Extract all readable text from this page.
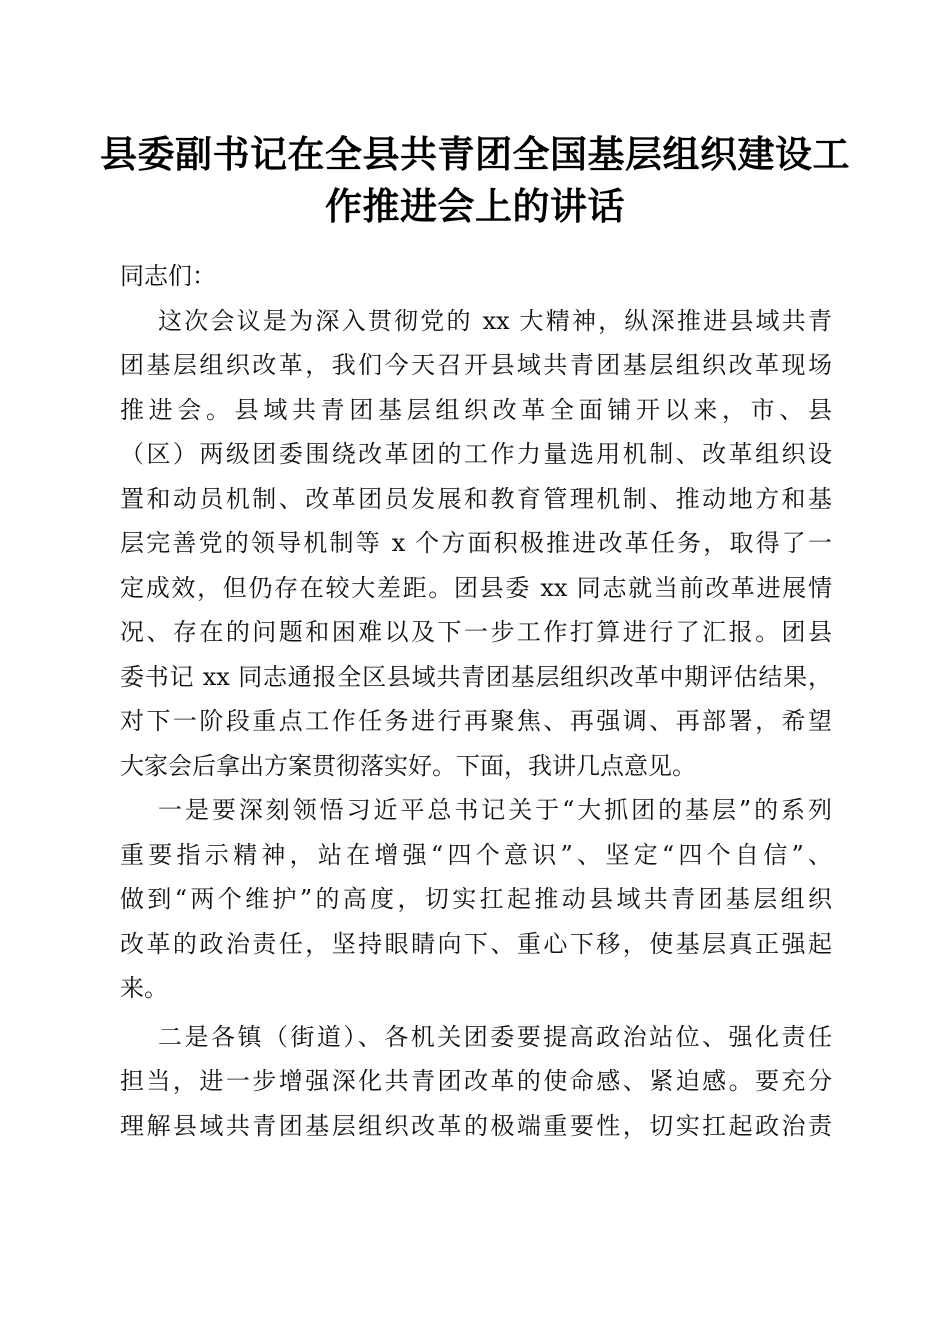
县委副书记在全县共青团全国基层组织建设工
作推进会上的讲话
同志们：
这次会议是为深入贯彻党的 xx 大精神，纵深推进县域共青
团基层组织改革，我们今天召开县域共青团基层组织改革现场
推进会。县域共青团基层组织改革全面铺开以来，市、县
（区）两级团委围绕改革团的工作力量选用机制、改革组织设
置和动员机制、改革团员发展和教育管理机制、推动地方和基
层完善党的领导机制等 x 个方面积极推进改革任务，取得了一
定成效，但仍存在较大差距。团县委 xx 同志就当前改革进展情
况、存在的问题和困难以及下一步工作打算进行了汇报。团县
委书记 xx 同志通报全区县域共青团基层组织改革中期评估结果，
对下一阶段重点工作任务进行再聚焦、再强调、再部署，希望
大家会后拿出方案贯彻落实好。下面，我讲几点意见。
一是要深刻领悟习近平总书记关于“大抓团的基层”的系列
重要指示精神，站在增强“四个意识”、坚定“四个自信”、
做到“两个维护”的高度，切实扛起推动县域共青团基层组织
改革的政治责任，坚持眼睛向下、重心下移，使基层真正强起
来。
二是各镇（街道）、各机关团委要提高政治站位、强化责任
担当，进一步增强深化共青团改革的使命感、紧迫感。要充分
理解县域共青团基层组织改革的极端重要性，切实扛起政治责
